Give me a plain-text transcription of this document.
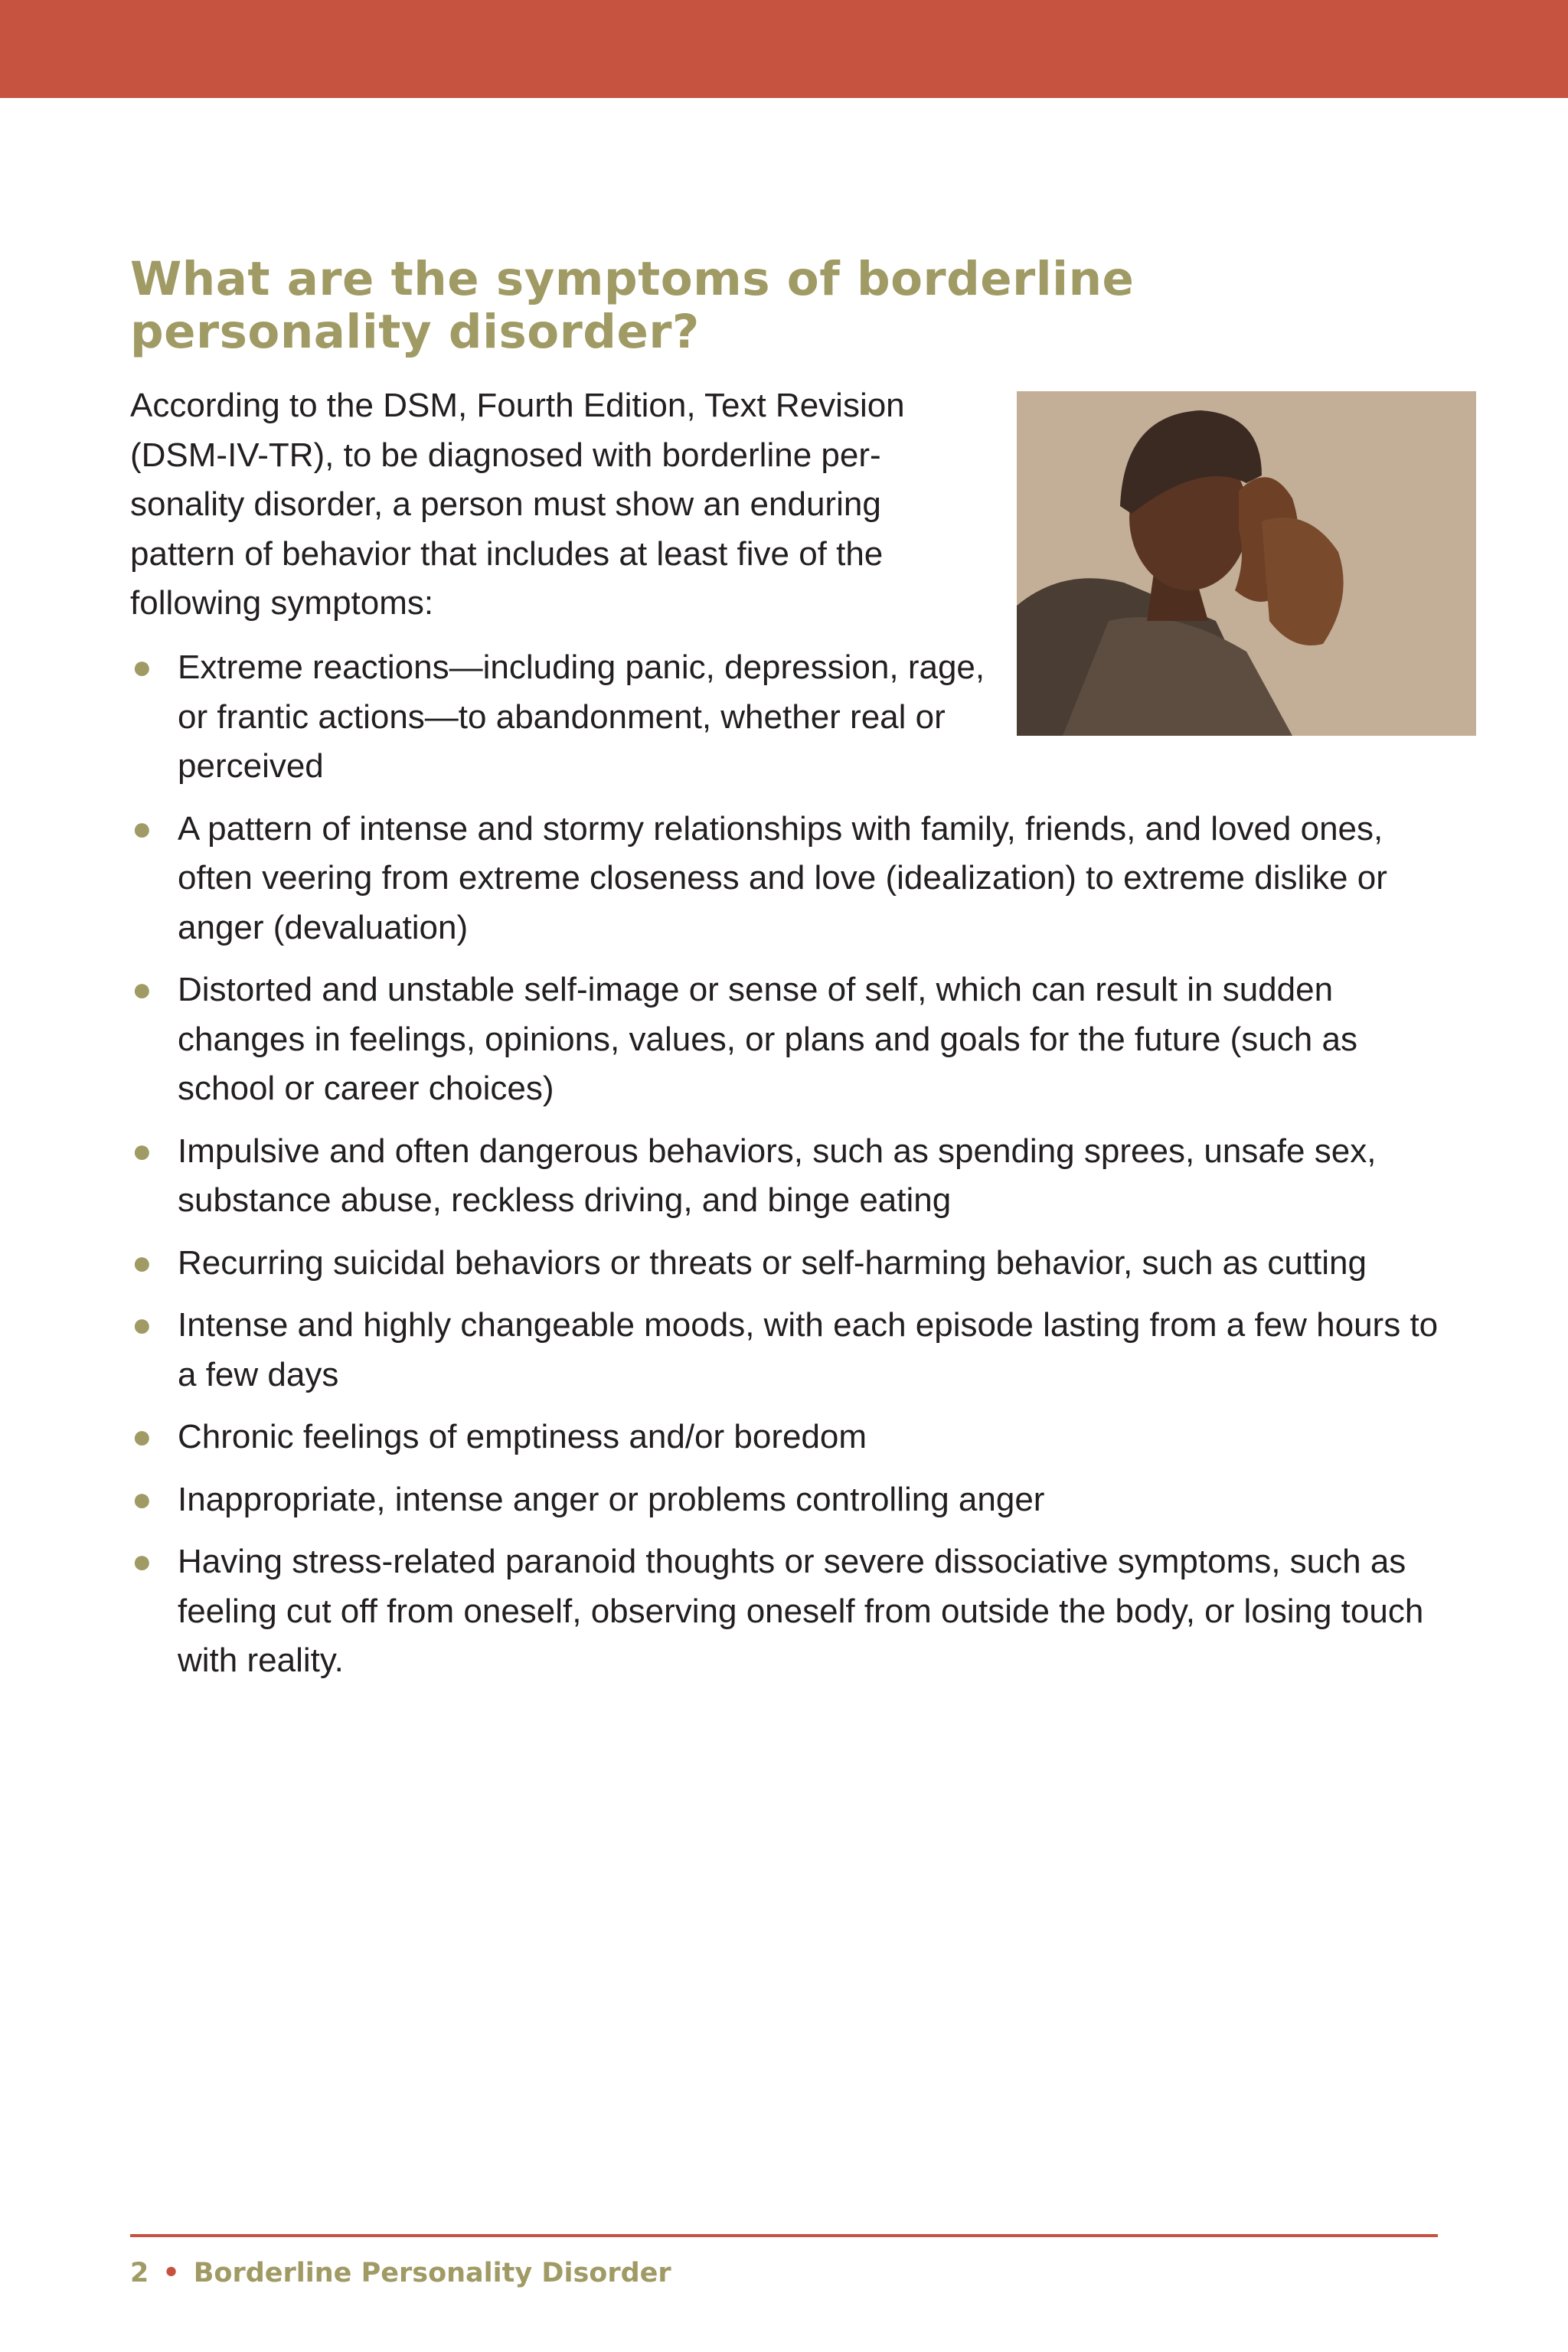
What are the symptoms of borderline personality disorder?

According to the DSM, Fourth Edition, Text Revision (DSM-IV-TR), to be diagnosed with borderline per-sonality disorder, a person must show an enduring pattern of behavior that includes at least five of the following symptoms:

● Extreme reactions—including panic, depression, rage, or frantic actions—to abandonment, whether real or perceived
● A pattern of intense and stormy relationships with family, friends, and loved ones, often veering from extreme closeness and love (idealization) to extreme dislike or anger (devaluation)
● Distorted and unstable self-image or sense of self, which can result in sudden changes in feelings, opinions, values, or plans and goals for the future (such as school or career choices)
● Impulsive and often dangerous behaviors, such as spending sprees, unsafe sex, substance abuse, reckless driving, and binge eating
● Recurring suicidal behaviors or threats or self-harming behavior, such as cutting
● Intense and highly changeable moods, with each episode lasting from a few hours to a few days
● Chronic feelings of emptiness and/or boredom
● Inappropriate, intense anger or problems controlling anger
● Having stress-related paranoid thoughts or severe dissociative symptoms, such as feeling cut off from oneself, observing oneself from outside the body, or losing touch with reality.
2 • Borderline Personality Disorder
